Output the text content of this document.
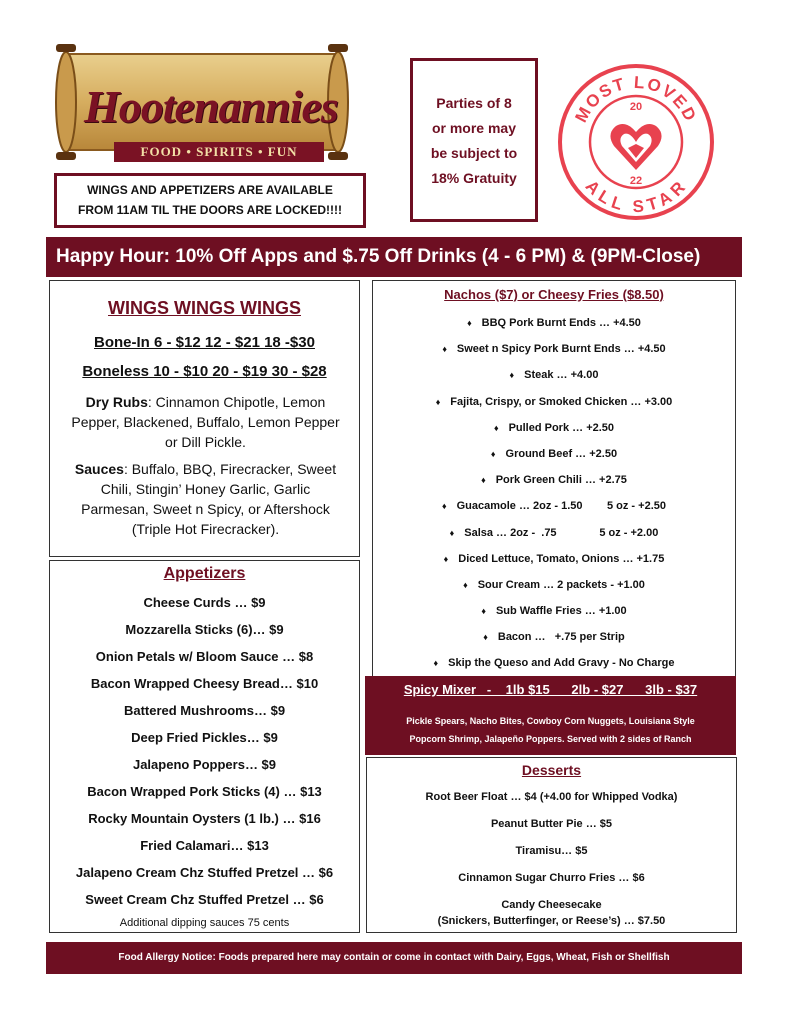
Hootenannies
FOOD • SPIRITS • FUN
WINGS AND APPETIZERS ARE AVAILABLE
FROM 11AM TIL THE DOORS ARE LOCKED!!!!
Parties of 8
or more may
be subject to
18% Gratuity
MOST LOVED
ALL STAR
20
22
Happy Hour: 10% Off Apps and $.75 Off Drinks (4 - 6 PM) & (9PM-Close)
WINGS WINGS WINGS
Bone-In 6 - $12 12 - $21 18 -$30
Boneless 10 - $10 20 - $19 30 - $28
Dry Rubs: Cinnamon Chipotle, Lemon Pepper, Blackened, Buffalo, Lemon Pepper or Dill Pickle.
Sauces: Buffalo, BBQ, Firecracker, Sweet Chili, Stingin’ Honey Garlic, Garlic Parmesan, Sweet n Spicy, or Aftershock (Triple Hot Firecracker).
Appetizers
Cheese Curds … $9
Mozzarella Sticks (6)… $9
Onion Petals w/ Bloom Sauce … $8
Bacon Wrapped Cheesy Bread… $10
Battered Mushrooms… $9
Deep Fried Pickles… $9
Jalapeno Poppers… $9
Bacon Wrapped Pork Sticks (4) … $13
Rocky Mountain Oysters (1 lb.) … $16
Fried Calamari… $13
Jalapeno Cream Chz Stuffed Pretzel … $6
Sweet Cream Chz Stuffed Pretzel … $6
Additional dipping sauces 75 cents
Nachos ($7) or Cheesy Fries ($8.50)
♦ BBQ Pork Burnt Ends … +4.50
♦ Sweet n Spicy Pork Burnt Ends … +4.50
♦ Steak … +4.00
♦ Fajita, Crispy, or Smoked Chicken … +3.00
♦ Pulled Pork … +2.50
♦ Ground Beef … +2.50
♦ Pork Green Chili … +2.75
♦ Guacamole … 2oz - 1.50        5 oz - +2.50
♦ Salsa … 2oz -  .75              5 oz - +2.00
♦ Diced Lettuce, Tomato, Onions … +1.75
♦ Sour Cream … 2 packets - +1.00
♦ Sub Waffle Fries … +1.00
♦ Bacon …   +.75 per Strip
♦ Skip the Queso and Add Gravy - No Charge
Spicy Mixer   -    1lb $15      2lb - $27      3lb - $37
Pickle Spears, Nacho Bites, Cowboy Corn Nuggets, Louisiana Style
Popcorn Shrimp, Jalapeño Poppers. Served with 2 sides of Ranch
Desserts
Root Beer Float … $4 (+4.00 for Whipped Vodka)
Peanut Butter Pie … $5
Tiramisu… $5
Cinnamon Sugar Churro Fries … $6
Candy Cheesecake
(Snickers, Butterfinger, or Reese’s) … $7.50
Food Allergy Notice: Foods prepared here may contain or come in contact with Dairy, Eggs, Wheat, Fish or Shellfish
